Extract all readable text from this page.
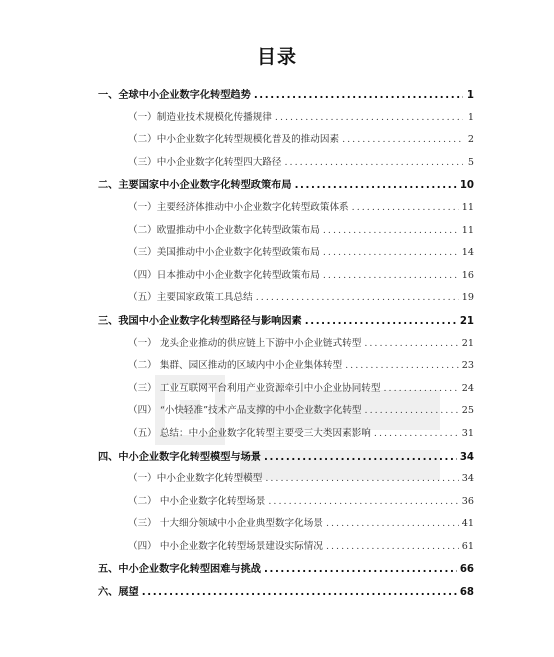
目录
一、全球中小企业数字化转型趋势 .....	1
（一）制造业技术规模化传播规律 .....	1
（二）中小企业数字化转型规模化普及的推动因素 .....	2
（三）中小企业数字化转型四大路径 .....	5
二、主要国家中小企业数字化转型政策布局 .....	10
（一）主要经济体推动中小企业数字化转型政策体系 .....	11
（二）欧盟推动中小企业数字化转型政策布局 .....	11
（三）美国推动中小企业数字化转型政策布局 .....	14
（四）日本推动中小企业数字化转型政策布局 .....	16
（五）主要国家政策工具总结 .....	19
三、我国中小企业数字化转型路径与影响因素 .....	21
（一） 龙头企业推动的供应链上下游中小企业链式转型 .....	21
（二） 集群、园区推动的区域内中小企业集体转型 .....	23
（三） 工业互联网平台利用产业资源牵引中小企业协同转型 .....	24
（四） “小快轻准”技术产品支撑的中小企业数字化转型 .....	25
（五） 总结：中小企业数字化转型主要受三大类因素影响 .....	31
四、中小企业数字化转型模型与场景 .....	34
（一）中小企业数字化转型模型 .....	34
（二） 中小企业数字化转型场景 .....	36
（三） 十大细分领域中小企业典型数字化场景 .....	41
（四） 中小企业数字化转型场景建设实际情况 .....	61
五、中小企业数字化转型困难与挑战 .....	66
六、展望 .....	68
